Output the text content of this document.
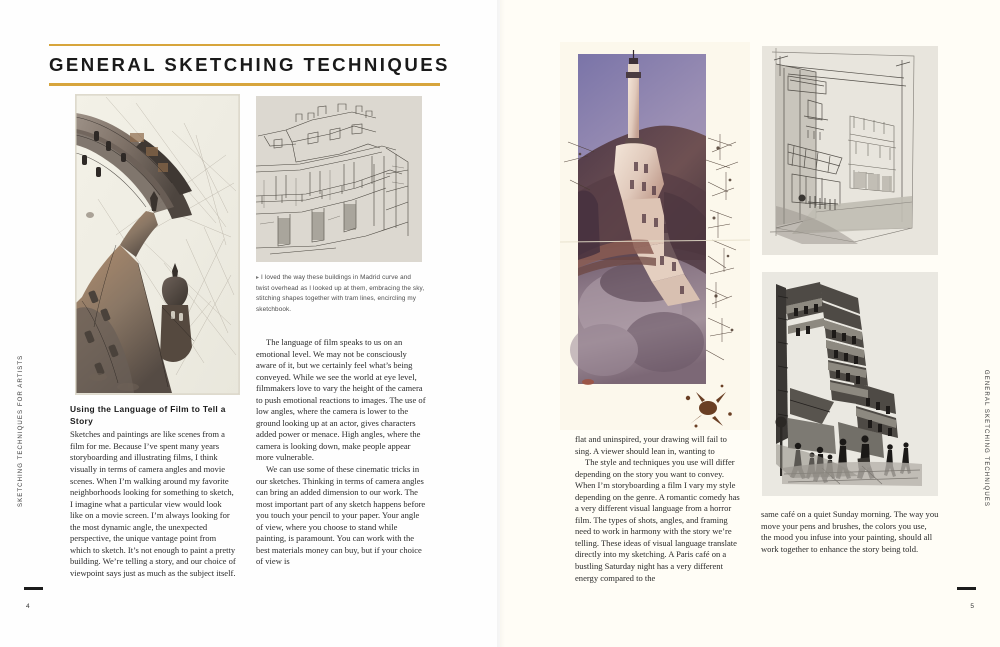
GENERAL SKETCHING TECHNIQUES
▸ I loved the way these buildings in Madrid curve and twist overhead as I looked up at them, embracing the sky, stitching shapes together with tram lines, encircling my sketchbook.
Using the Language of Film to Tell a Story

Sketches and paintings are like scenes from a film for me. Because I’ve spent many years storyboarding and illustrating films, I think visually in terms of camera angles and movie scenes. When I’m walking around my favorite neighborhoods looking for something to sketch, I imagine what a particular view would look like on a movie screen. I’m always looking for the most dynamic angle, the unexpected perspective, the unique vantage point from which to sketch. It’s not enough to paint a pretty building. We’re telling a story, and our choice of viewpoint says just as much as the subject itself.

The language of film speaks to us on an emotional level. We may not be consciously aware of it, but we certainly feel what’s being conveyed. While we see the world at eye level, filmmakers love to vary the height of the camera to push emotional reactions to images. The use of low angles, where the camera is lower to the ground looking up at an actor, gives characters added power or menace. High angles, where the camera is looking down, make people appear more vulnerable.

We can use some of these cinematic tricks in our sketches. Thinking in terms of camera angles can bring an added dimension to our work. The most important part of any sketch happens before you touch your pencil to your paper. Your angle of view, where you choose to stand while painting, is paramount. You can work with the best materials money can buy, but if your choice of view is

SKETCHING TECHNIQUES FOR ARTISTS
4

flat and uninspired, your drawing will fail to sing. A viewer should lean in, wanting to

The style and techniques you use will differ depending on the story you want to convey. When I’m storyboarding a film I vary my style depending on the genre. A romantic comedy has a very different visual language from a horror film. The types of shots, angles, and framing need to work in harmony with the story we’re telling. These ideas of visual language translate directly into my sketching. A Paris café on a bustling Saturday night has a very different energy compared to the

same café on a quiet Sunday morning. The way you move your pens and brushes, the colors you use, the mood you infuse into your painting, should all work together to enhance the story being told.

GENERAL SKETCHING TECHNIQUES
5
